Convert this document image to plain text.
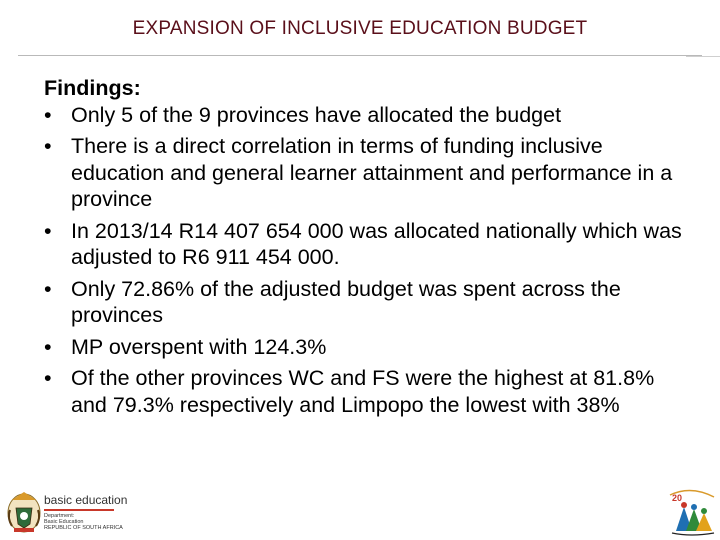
EXPANSION OF INCLUSIVE EDUCATION BUDGET
Findings:
• Only 5 of the 9 provinces have allocated the budget
• There is a direct correlation in terms of funding inclusive education and general learner attainment and performance in a province
• In 2013/14 R14 407 654 000 was allocated nationally which was adjusted to R6 911 454 000.
• Only 72.86% of the adjusted budget was spent across the provinces
• MP overspent with 124.3%
• Of the other provinces WC and FS were the highest at 81.8% and 79.3% respectively and Limpopo the lowest with 38%
basic education
Department:
Basic Education
REPUBLIC OF SOUTH AFRICA
20
